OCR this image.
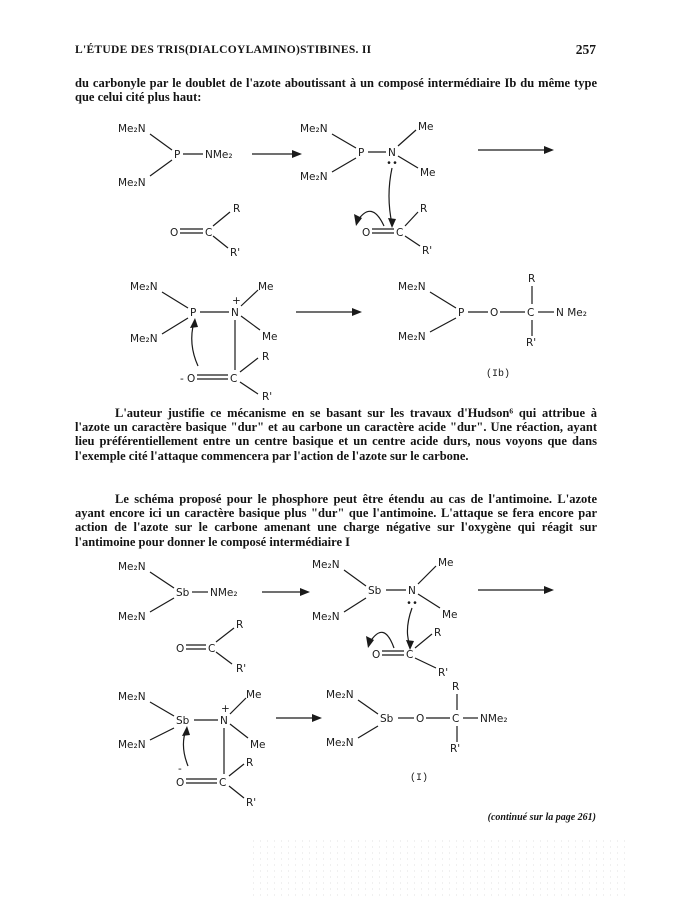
L'ÉTUDE DES TRIS(DIALCOYLAMINO)STIBINES. II	257

du carbonyle par le doublet de l'azote aboutissant à un composé intermédiaire Ib du même type que celui cité plus haut:

L'auteur justifie ce mécanisme en se basant sur les travaux d'Hudson⁶ qui attribue à l'azote un caractère basique "dur" et au carbone un caractère acide "dur". Une réaction, ayant lieu préférentiellement entre un centre basique et un centre acide durs, nous voyons que dans l'exemple cité l'attaque commencera par l'action de l'azote sur le carbone.

Le schéma proposé pour le phosphore peut être étendu au cas de l'antimoine. L'azote ayant encore ici un caractère basique plus "dur" que l'antimoine. L'attaque se fera encore par action de l'azote sur le carbone amenant une charge négative sur l'oxygène qui réagit sur l'antimoine pour donner le composé intermédiaire I

Me₂N
Me₂N
P NMe₂
O	C
R
R'
Me₂N
Me₂N
P N
••
Me
Me
O C
R
R'
Me₂N
Me₂N
P	N
+
Me
Me
- O	C
R
R'
Me₂N
Me₂N
P O	C
R
R'
N Me₂
(Ib)
Me₂N
Me₂N
Sb NMe₂
O C
R
R'
Me₂N
Me₂N
Sb	N
••
Me
Me
O C
R
R'
Me₂N
Me₂N
Sb	N
+
Me
Me
-
O	C
R
R'
Me₂N
Me₂N
Sb O	C
R
R'
NMe₂
(I)
(continué sur la page 261)
